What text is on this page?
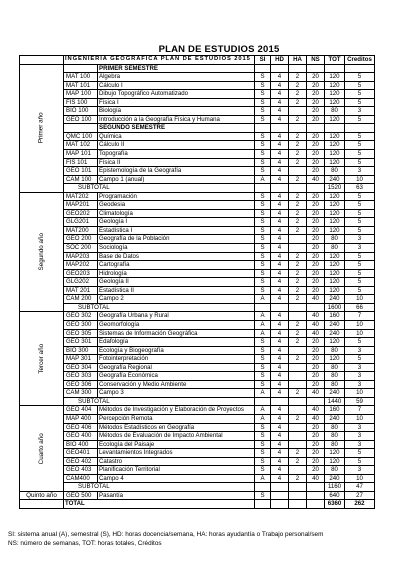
PLAN DE ESTUDIOS 2015
	INGENIERIA GEOGRAFICA PLAN DE ESTUDIOS 2015		SI	HD	HA	NS	TOT	Creditos
Primer año		PRIMER SEMESTRE						
	MAT 100	Algebra	S	4	2	20	120	5
	MAT 101	Cálculo I	S	4	2	20	120	5
	MAP 100	Dibujo Topográfico Automatizado	S	4	2	20	120	5
	FIS 100	Física I	S	4	2	20	120	5
	BIO 100	Biología	S	4		20	80	3
	GEO 100	Introducción a la Geografía Física y Humana	S	4	2	20	120	5
		SEGUNDO SEMESTRE						
	QMC 100	Química	S	4	2	20	120	5
	MAT 102	Cálculo II	S	4	2	20	120	5
	MAP 101	Topografía	S	4	2	20	120	5
	FIS 101	Física II	S	4	2	20	120	5
	GEO 101	Epistemología de la Geografía	S	4		20	80	3
	CAM 100	Campo 1 (anual)	A	4	2	40	240	10
	SUBTOTAL						1520	63
Segundo año	MAT202	Programación	S	4	2	20	120	5
	MAP201	Geodesia	S	4	2	20	120	5
	GEO202	Climatología	S	4	2	20	120	5
	GLG201	Geología I	S	4	2	20	120	5
	MAT200	Estadística I	S	4	2	20	120	5
	GEO 200	Geografía de la Población	S	4		20	80	3
	SOC 200	Sociología	S	4		20	80	3
	MAP203	Base de Datos	S	4	2	20	120	5
	MAP202	Cartografía	S	4	2	20	120	5
	GEO203	Hidrología	S	4	2	20	120	5
	GLG202	Geología II	S	4	2	20	120	5
	MAT 201	Estadística II	S	4	2	20	120	5
	CAM 200	Campo 2	A	4	2	40	240	10
	SUBTOTAL						1600	66
Tercer año	GEO 302	Geografía Urbana y Rural	A	4		40	160	7
	GEO 300	Geomorfología	A	4	2	40	240	10
	GEO 305	Sistemas de Información Geográfica	A	4	2	40	240	10
	GEO 301	Edafología	S	4	2	20	120	5
	BIO 300	Ecología y Biogeografía	S	4		20	80	3
	MAP 301	Fotointerpretación	S	4	2	20	120	5
	GEO 304	Geografía Regional	S	4		20	80	3
	GEO 303	Geografía Económica	S	4		20	80	3
	GEO 306	Conservación y Medio Ambiente	S	4		20	80	3
	CAM 300	Campo 3	A	4	2	40	240	10
	SUBTOTAL						1440	59
Cuarto año	GEO 404	Métodos de Investigación y Elaboración de Proyectos	A	4		40	160	7
	MAP 400	Percepción Remota	A	4	2	40	240	10
	GEO 406	Métodos Estadísticos en Geografía	S	4		20	80	3
	GEO 400	Métodos de Evaluación de Impacto Ambiental	S	4		20	80	3
	BIO 400	Ecología del Paisaje	S	4		20	80	3
	GEO401	Levantamientos Integrados	S	4	2	20	120	5
	GEO 402	Catastro	S	4	2	20	120	5
	GEO 403	Planificación Territorial	S	4		20	80	3
	CAM400	Campo 4	A	4	2	40	240	10
	SUBTOTAL						1160	47
Quinto año	GEO 500	Pasantía	S				640	27
	TOTAL						6360	262
SI: sistema anual (A), semestral (S), HD: horas docencia/semana, HA: horas ayudantía o Trabajo personal/sem
NS: número de semanas, TOT: horas totales, Créditos
